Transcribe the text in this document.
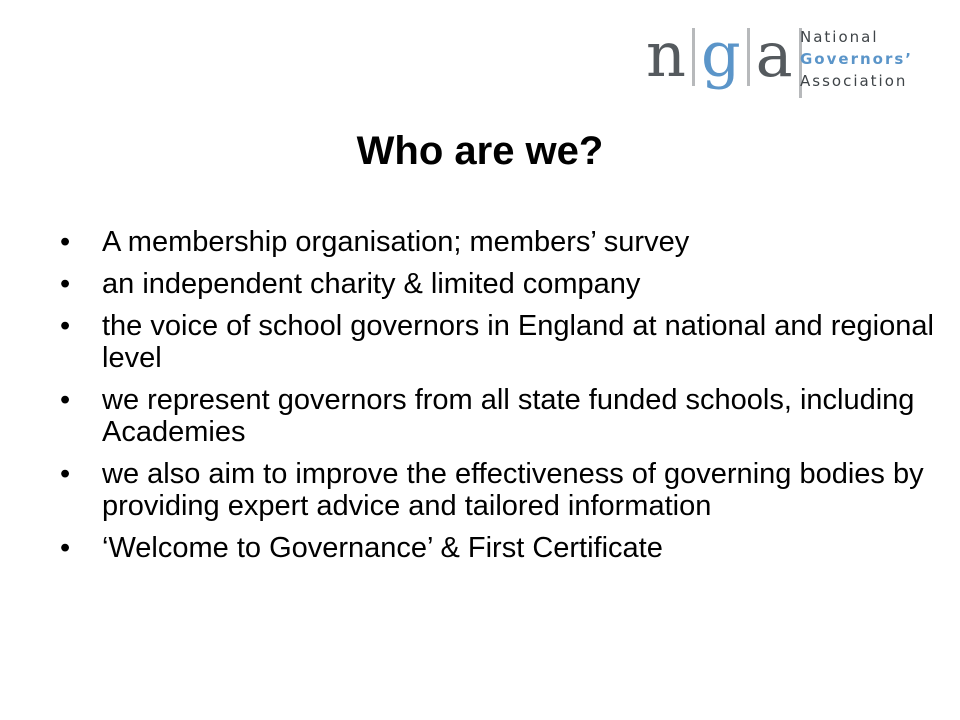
n g a National
Governors’
Association
Who are we?
• A membership organisation; members’ survey
• an independent charity & limited company
• the voice of school governors in England at national and regional level
• we represent governors from all state funded schools, including Academies
• we also aim to improve the effectiveness of governing bodies by providing expert advice and tailored information
• ‘Welcome to Governance’ & First Certificate
